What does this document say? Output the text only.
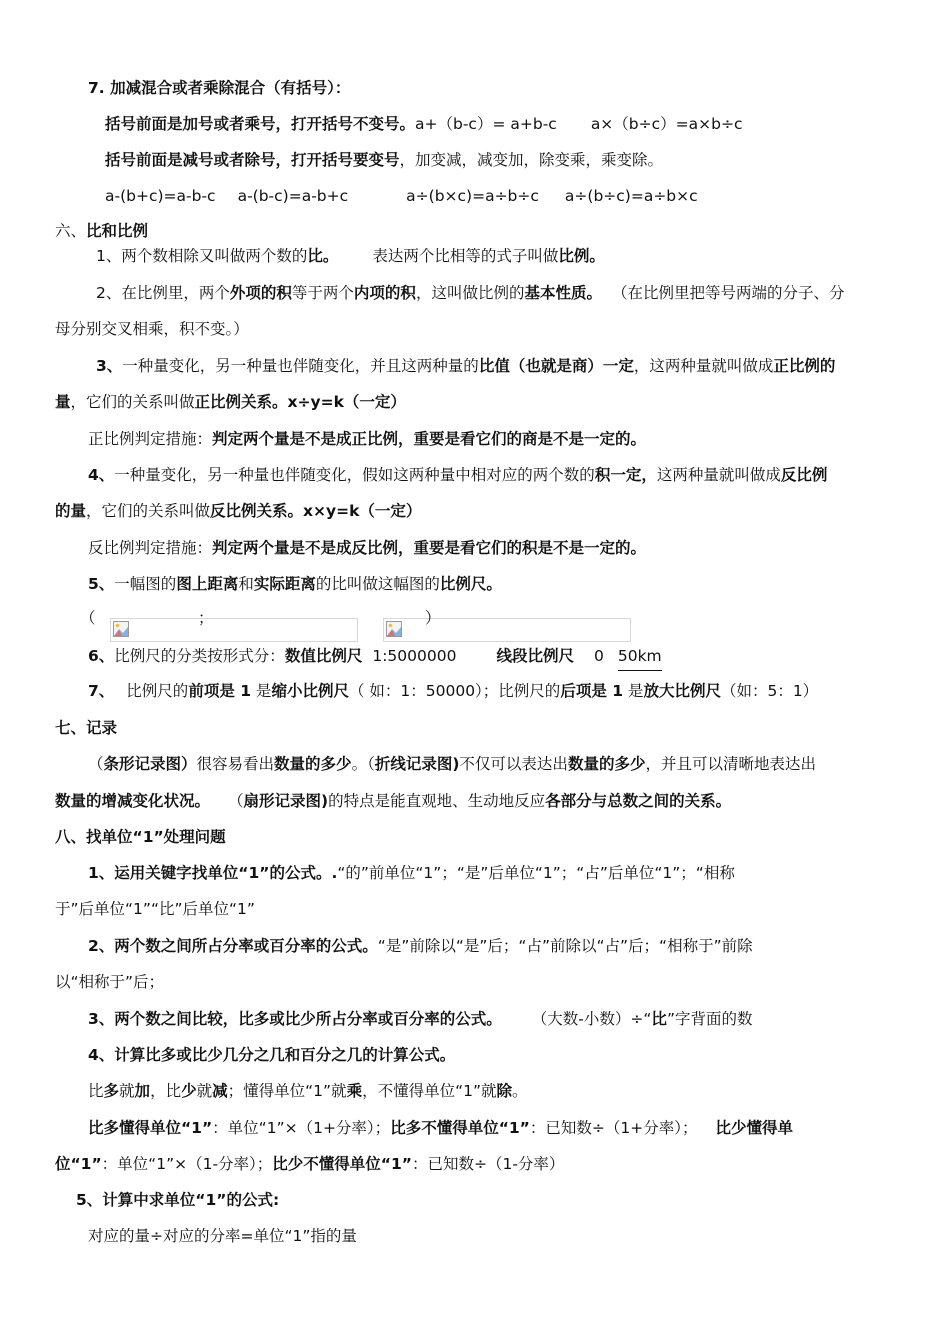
7. 加减混合或者乘除混合（有括号）：
括号前面是加号或者乘号，打开括号不变号。a+（b-c）= a+b-c a×（b÷c）=a×b÷c
括号前面是减号或者除号，打开括号要变号，加变减，减变加，除变乘，乘变除。
a-(b+c)=a-b-c a-(b-c)=a-b+c	a÷(b×c)=a÷b÷c a÷(b÷c)=a÷b×c
六、比和比例
1、两个数相除又叫做两个数的比。 表达两个比相等的式子叫做比例。
2、在比例里，两个外项的积等于两个内项的积，这叫做比例的基本性质。 （在比例里把等号两端的分子、分
母分别交叉相乘，积不变。）
3、一种量变化，另一种量也伴随变化，并且这两种量的比值（也就是商）一定，这两种量就叫做成正比例的
量，它们的关系叫做正比例关系。x÷y=k（一定）
正比例判定措施：判定两个量是不是成正比例，重要是看它们的商是不是一定的。
4、一种量变化，另一种量也伴随变化，假如这两种量中相对应的两个数的积一定，这两种量就叫做成反比例
的量，它们的关系叫做反比例关系。x×y=k（一定）
反比例判定措施：判定两个量是不是成反比例，重要是看它们的积是不是一定的。
5、一幅图的图上距离和实际距离的比叫做这幅图的比例尺。
（	；	）
6、比例尺的分类按形式分：数值比例尺 1:5000000	线段比例尺 0 50km
7、 比例尺的前项是 1 是缩小比例尺（ 如：1：50000）；比例尺的后项是 1 是放大比例尺（如：5：1）
七、记录
（条形记录图）很容易看出数量的多少。（折线记录图)不仅可以表达出数量的多少，并且可以清晰地表达出
数量的增减变化状况。 （扇形记录图)的特点是能直观地、生动地反应各部分与总数之间的关系。
八、找单位“1”处理问题
1、运用关键字找单位“1”的公式。.“的”前单位“1”；“是”后单位“1”；“占”后单位“1”；“相称
于”后单位“1”“比”后单位“1”
2、两个数之间所占分率或百分率的公式。“是”前除以“是”后；“占”前除以“占”后；“相称于”前除
以“相称于”后；
3、两个数之间比较，比多或比少所占分率或百分率的公式。 （大数-小数）÷“比”字背面的数
4、计算比多或比少几分之几和百分之几的计算公式。
比多就加，比少就减；懂得单位“1”就乘，不懂得单位“1”就除。
比多懂得单位“1”：单位“1”×（1+分率）；比多不懂得单位“1”：已知数÷（1+分率）； 比少懂得单
位“1”：单位“1”×（1-分率）；比少不懂得单位“1”：已知数÷（1-分率）
5、计算中求单位“1”的公式:
对应的量÷对应的分率=单位“1”指的量
